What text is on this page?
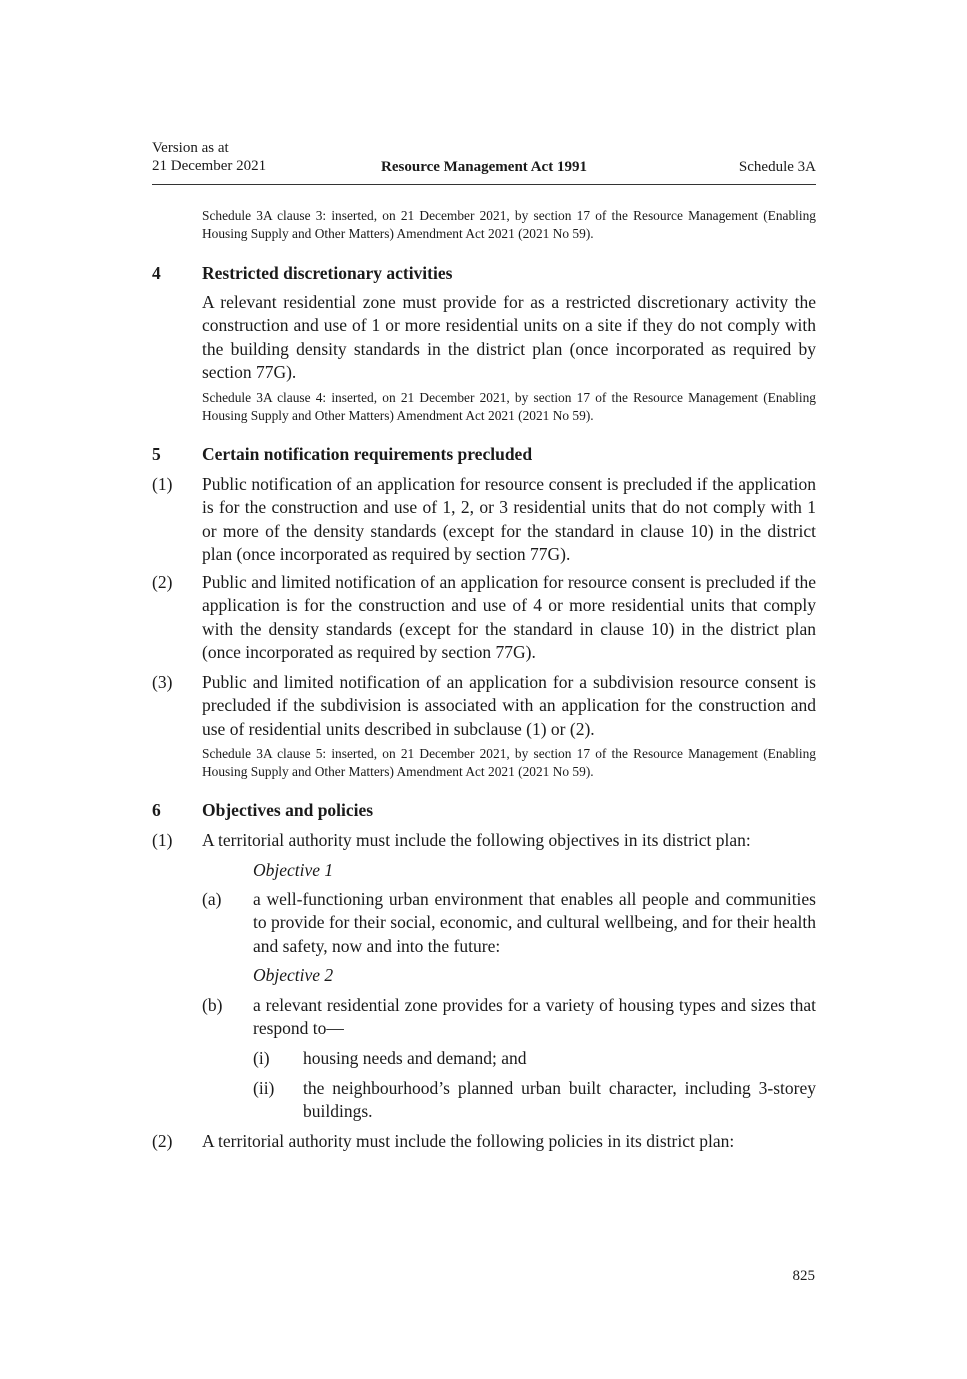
Version as at
21 December 2021	Resource Management Act 1991	Schedule 3A

Schedule 3A clause 3: inserted, on 21 December 2021, by section 17 of the Resource Management (Enabling Housing Supply and Other Matters) Amendment Act 2021 (2021 No 59).

4 Restricted discretionary activities

A relevant residential zone must provide for as a restricted discretionary activity the construction and use of 1 or more residential units on a site if they do not comply with the building density standards in the district plan (once incorporated as required by section 77G).

Schedule 3A clause 4: inserted, on 21 December 2021, by section 17 of the Resource Management (Enabling Housing Supply and Other Matters) Amendment Act 2021 (2021 No 59).

5 Certain notification requirements precluded
(1) Public notification of an application for resource consent is precluded if the application is for the construction and use of 1, 2, or 3 residential units that do not comply with 1 or more of the density standards (except for the standard in clause 10) in the district plan (once incorporated as required by section 77G).

(2) Public and limited notification of an application for resource consent is precluded if the application is for the construction and use of 4 or more residential units that comply with the density standards (except for the standard in clause 10) in the district plan (once incorporated as required by section 77G).

(3) Public and limited notification of an application for a subdivision resource consent is precluded if the subdivision is associated with an application for the construction and use of residential units described in subclause (1) or (2).

Schedule 3A clause 5: inserted, on 21 December 2021, by section 17 of the Resource Management (Enabling Housing Supply and Other Matters) Amendment Act 2021 (2021 No 59).

6 Objectives and policies
(1) A territorial authority must include the following objectives in its district plan:

Objective 1
(a) a well-functioning urban environment that enables all people and communities to provide for their social, economic, and cultural wellbeing, and for their health and safety, now and into the future:

Objective 2
(b) a relevant residential zone provides for a variety of housing types and sizes that respond to—

(i) housing needs and demand; and

(ii) the neighbourhood’s planned urban built character, including 3-storey buildings.

(2) A territorial authority must include the following policies in its district plan:

825
